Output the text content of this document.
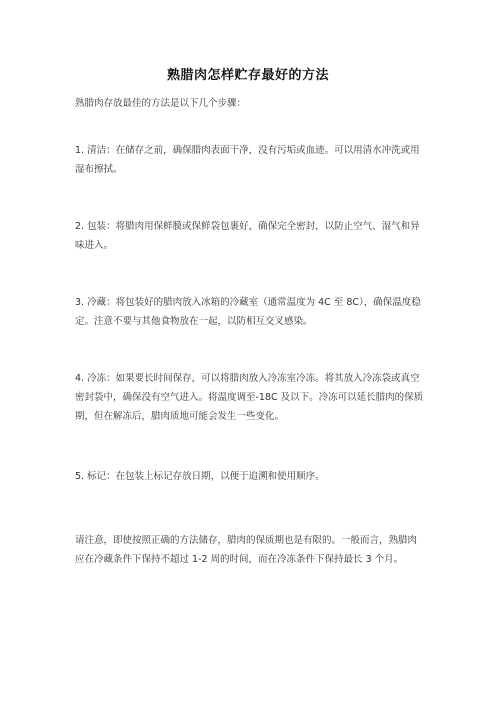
熟腊肉怎样贮存最好的方法
熟腊肉存放最佳的方法是以下几个步骤：

1. 清洁：在储存之前，确保腊肉表面干净，没有污垢或血迹。可以用清水冲洗或用湿布擦拭。

2. 包装：将腊肉用保鲜膜或保鲜袋包裹好，确保完全密封，以防止空气、湿气和异味进入。

3. 冷藏：将包装好的腊肉放入冰箱的冷藏室（通常温度为 4C 至 8C），确保温度稳定。注意不要与其他食物放在一起，以防相互交叉感染。

4. 冷冻：如果要长时间保存，可以将腊肉放入冷冻室冷冻。将其放入冷冻袋或真空密封袋中，确保没有空气进入。将温度调至-18C 及以下。冷冻可以延长腊肉的保质期，但在解冻后，腊肉质地可能会发生一些变化。

5. 标记：在包装上标记存放日期，以便于追溯和使用顺序。

请注意，即使按照正确的方法储存，腊肉的保质期也是有限的。一般而言，熟腊肉应在冷藏条件下保持不超过 1-2 周的时间，而在冷冻条件下保持最长 3 个月。
